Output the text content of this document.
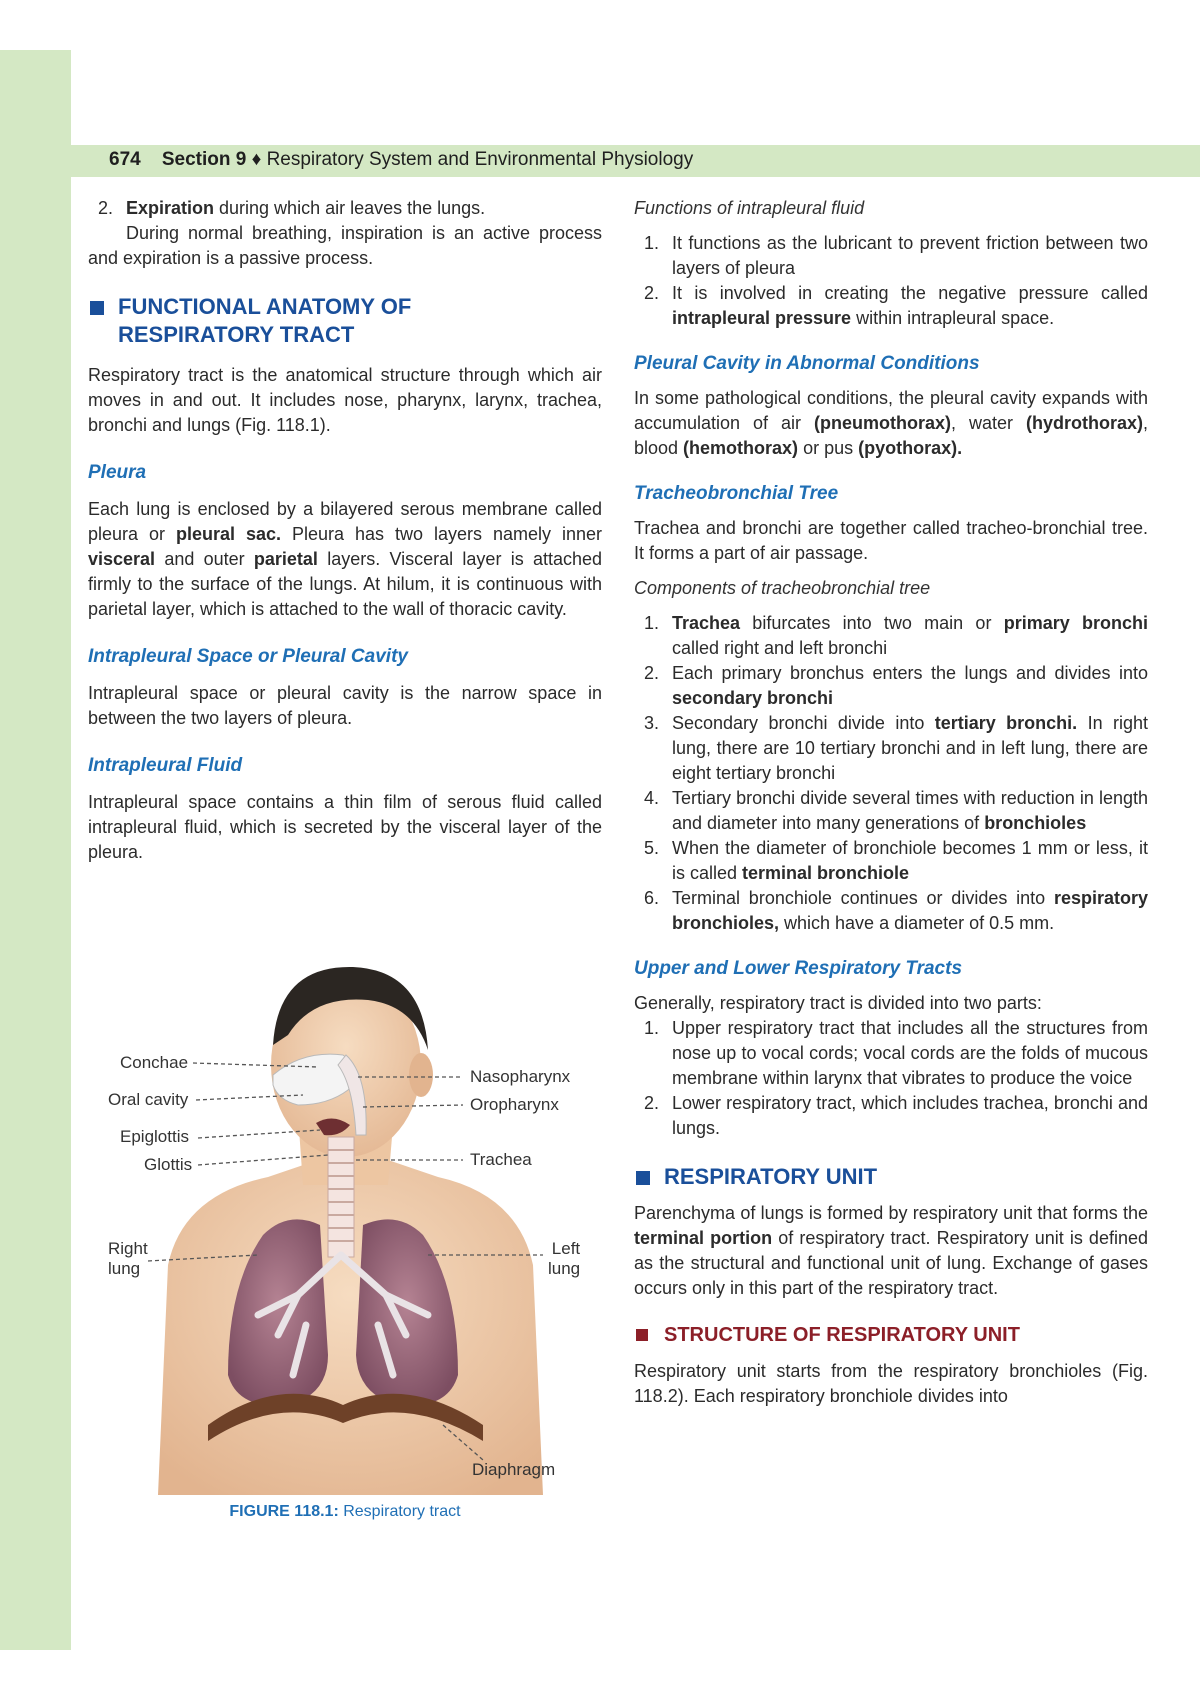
674 Section 9 ♦ Respiratory System and Environmental Physiology
2. Expiration during which air leaves the lungs.

During normal breathing, inspiration is an active process and expiration is a passive process.

FUNCTIONAL ANATOMY OF
RESPIRATORY TRACT

Respiratory tract is the anatomical structure through which air moves in and out. It includes nose, pharynx, larynx, trachea, bronchi and lungs (Fig. 118.1).

Pleura

Each lung is enclosed by a bilayered serous membrane called pleura or pleural sac. Pleura has two layers namely inner visceral and outer parietal layers. Visceral layer is attached firmly to the surface of the lungs. At hilum, it is continuous with parietal layer, which is attached to the wall of thoracic cavity.

Intrapleural Space or Pleural Cavity

Intrapleural space or pleural cavity is the narrow space in between the two layers of pleura.

Intrapleural Fluid

Intrapleural space contains a thin film of serous fluid called intrapleural fluid, which is secreted by the visceral layer of the pleura.

Conchae
Oral cavity
Epiglottis
Glottis
Right
lung
Nasopharynx
Oropharynx
Trachea
Left
lung
Diaphragm
FIGURE 118.1: Respiratory tract

Functions of intrapleural fluid

1. It functions as the lubricant to prevent friction between two layers of pleura
2. It is involved in creating the negative pressure called intrapleural pressure within intrapleural space.
Pleural Cavity in Abnormal Conditions

In some pathological conditions, the pleural cavity expands with accumulation of air (pneumothorax), water (hydrothorax), blood (hemothorax) or pus (pyothorax).

Tracheobronchial Tree

Trachea and bronchi are together called tracheo-bronchial tree. It forms a part of air passage.

Components of tracheobronchial tree

1. Trachea bifurcates into two main or primary bronchi called right and left bronchi
2. Each primary bronchus enters the lungs and divides into secondary bronchi
3. Secondary bronchi divide into tertiary bronchi. In right lung, there are 10 tertiary bronchi and in left lung, there are eight tertiary bronchi
4. Tertiary bronchi divide several times with reduction in length and diameter into many generations of bronchioles
5. When the diameter of bronchiole becomes 1 mm or less, it is called terminal bronchiole
6. Terminal bronchiole continues or divides into respiratory bronchioles, which have a diameter of 0.5 mm.
Upper and Lower Respiratory Tracts

Generally, respiratory tract is divided into two parts:

1. Upper respiratory tract that includes all the structures from nose up to vocal cords; vocal cords are the folds of mucous membrane within larynx that vibrates to produce the voice
2. Lower respiratory tract, which includes trachea, bronchi and lungs.
RESPIRATORY UNIT

Parenchyma of lungs is formed by respiratory unit that forms the terminal portion of respiratory tract. Respiratory unit is defined as the structural and functional unit of lung. Exchange of gases occurs only in this part of the respiratory tract.

STRUCTURE OF RESPIRATORY UNIT

Respiratory unit starts from the respiratory bronchioles (Fig. 118.2). Each respiratory bronchiole divides into
